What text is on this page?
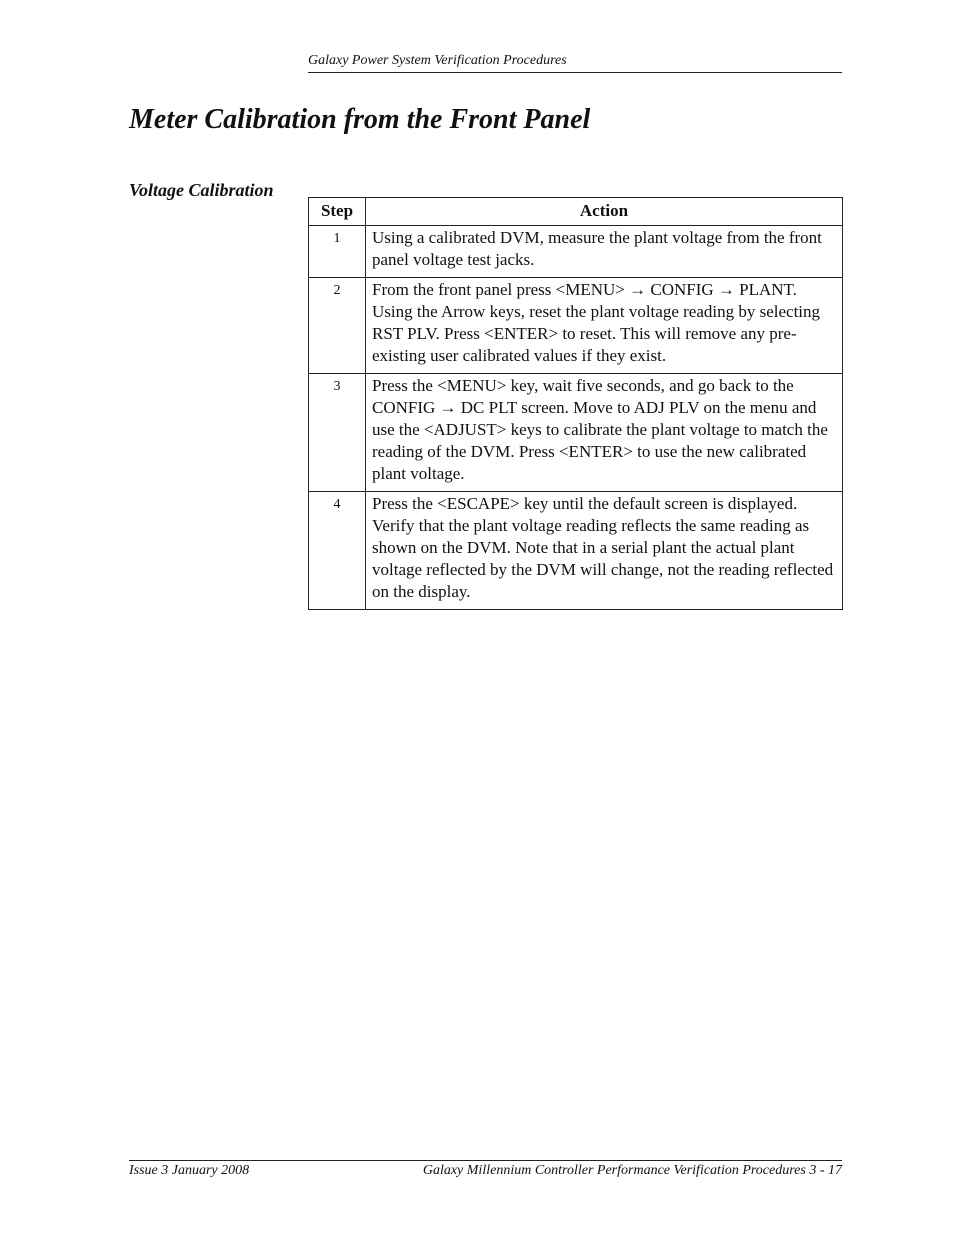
Galaxy Power System Verification Procedures
Meter Calibration from the Front Panel
Voltage Calibration
Step	Action
1	Using a calibrated DVM, measure the plant voltage from the front panel voltage test jacks.
2	From the front panel press <MENU> → CONFIG → PLANT. Using the Arrow keys, reset the plant voltage reading by selecting RST PLV. Press <ENTER> to reset. This will remove any pre-existing user calibrated values if they exist.
3	Press the <MENU> key, wait five seconds, and go back to the CONFIG → DC PLT screen. Move to ADJ PLV on the menu and use the <ADJUST> keys to calibrate the plant voltage to match the reading of the DVM. Press <ENTER> to use the new calibrated plant voltage.
4	Press the <ESCAPE> key until the default screen is displayed. Verify that the plant voltage reading reflects the same reading as shown on the DVM. Note that in a serial plant the actual plant voltage reflected by the DVM will change, not the reading reflected on the display.
Issue 3 January 2008	Galaxy Millennium Controller Performance Verification Procedures 3 - 17
